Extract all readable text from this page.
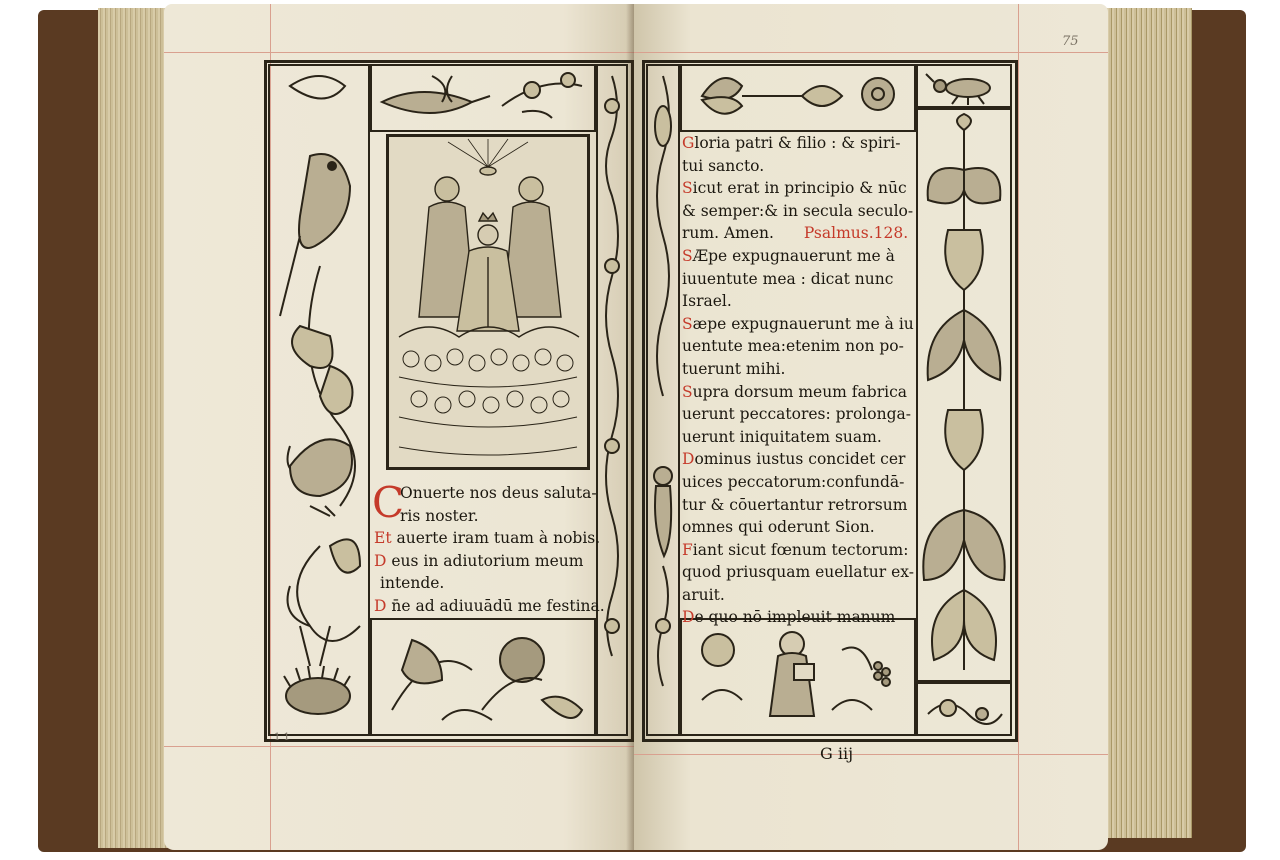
C
Onuerte nos deus saluta-
ris noster.
Et auerte iram tuam à nobis.
D eus in adiutorium meum
intende.
D n̄e ad adiuuādū me festina.
1 1
75
Gloria patri & filio : & spiri-
tui sancto.
Sicut erat in principio & nūc
& semper:& in secula seculo-
rum. Amen. Psalmus.128.
SÆpe expugnauerunt me à
iuuentute mea : dicat nunc
Israel.
Sæpe expugnauerunt me à iu
uentute mea:etenim non po-
tuerunt mihi.
Supra dorsum meum fabrica
uerunt peccatores: prolonga-
uerunt iniquitatem suam.
Dominus iustus concidet cer
uices peccatorum:confundā-
tur & cōuertantur retrorsum
omnes qui oderunt Sion.
Fiant sicut fœnum tectorum:
quod priusquam euellatur ex-
aruit.
De quo nō impleuit manum
G iij
